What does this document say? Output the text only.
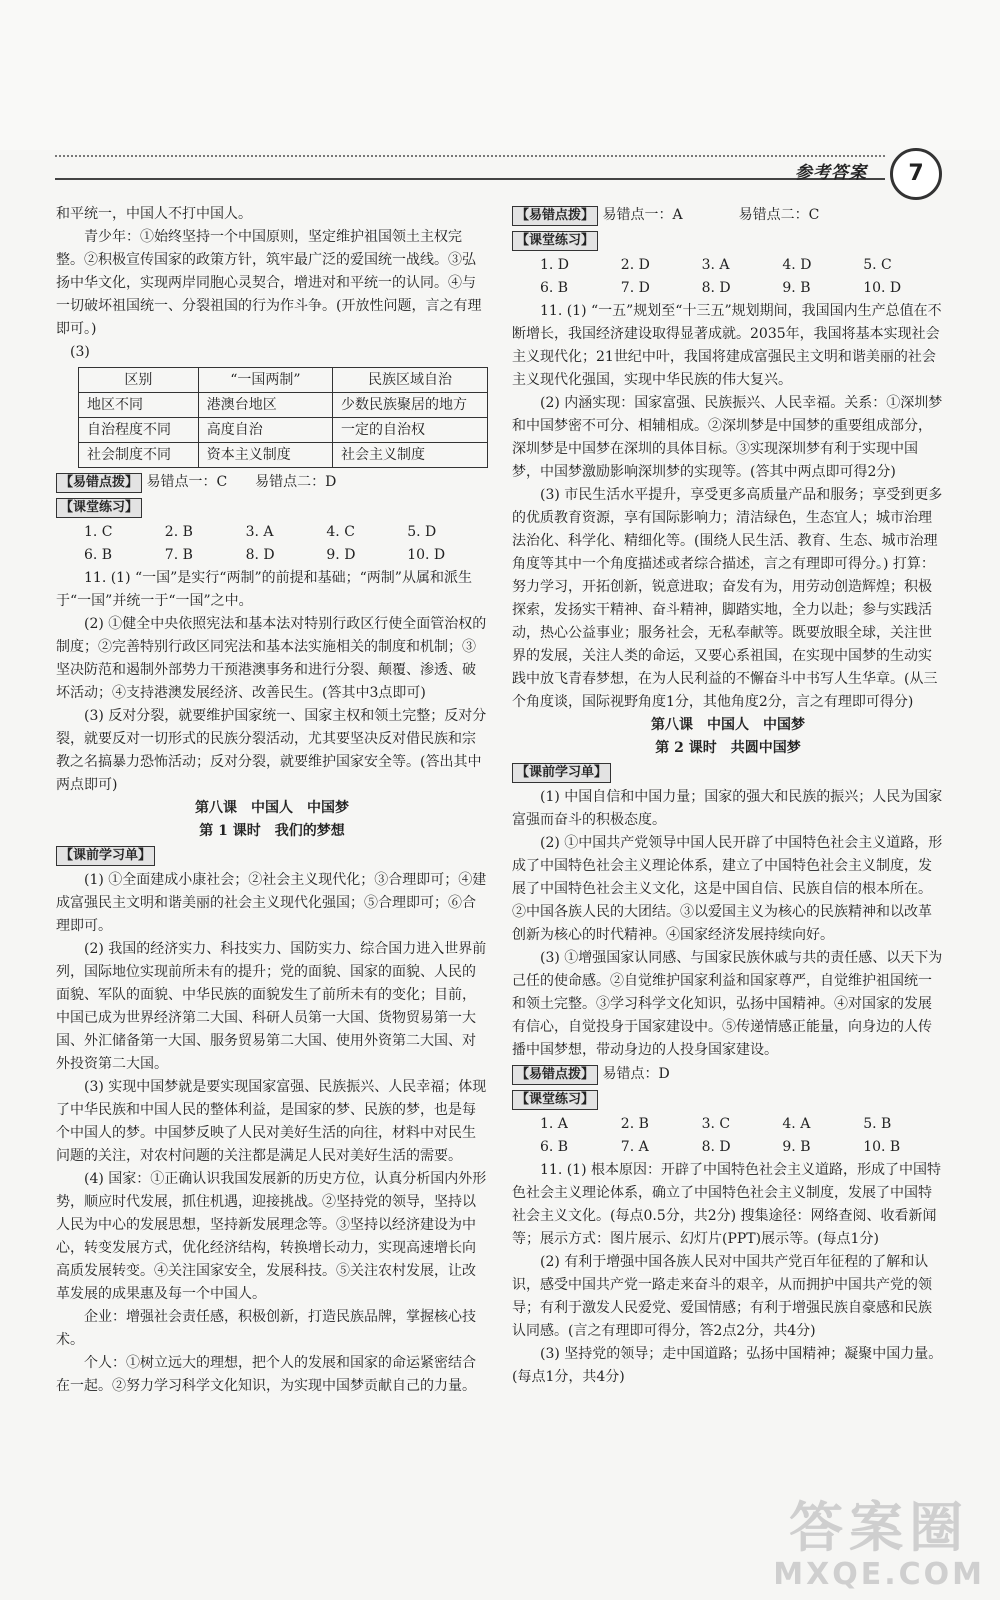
参考答案	7

和平统一，中国人不打中国人。

青少年：①始终坚持一个中国原则，坚定维护祖国领土主权完整。②积极宣传国家的政策方针，筑牢最广泛的爱国统一战线。③弘扬中华文化，实现两岸同胞心灵契合，增进对和平统一的认同。④与一切破坏祖国统一、分裂祖国的行为作斗争。(开放性问题，言之有理即可。)

(3)

区别	“一国两制”	民族区域自治
地区不同	港澳台地区	少数民族聚居的地方
自治程度不同	高度自治	一定的自治权
社会制度不同	资本主义制度	社会主义制度

【易错点拨】 易错点一：C　　易错点二：D

【课堂练习】

1. C	2. B	3. A	4. C	5. D
6. B	7. B	8. D	9. D	10. D

11. (1) “一国”是实行“两制”的前提和基础；“两制”从属和派生于“一国”并统一于“一国”之中。

(2) ①健全中央依照宪法和基本法对特别行政区行使全面管治权的制度；②完善特别行政区同宪法和基本法实施相关的制度和机制；③坚决防范和遏制外部势力干预港澳事务和进行分裂、颠覆、渗透、破坏活动；④支持港澳发展经济、改善民生。(答其中3点即可)

(3) 反对分裂，就要维护国家统一、国家主权和领土完整；反对分裂，就要反对一切形式的民族分裂活动，尤其要坚决反对借民族和宗教之名搞暴力恐怖活动；反对分裂，就要维护国家安全等。(答出其中两点即可)

第八课　中国人　中国梦

第 1 课时　我们的梦想

【课前学习单】

(1) ①全面建成小康社会；②社会主义现代化；③合理即可；④建成富强民主文明和谐美丽的社会主义现代化强国；⑤合理即可；⑥合理即可。

(2) 我国的经济实力、科技实力、国防实力、综合国力进入世界前列，国际地位实现前所未有的提升；党的面貌、国家的面貌、人民的面貌、军队的面貌、中华民族的面貌发生了前所未有的变化；目前，中国已成为世界经济第二大国、科研人员第一大国、货物贸易第一大国、外汇储备第一大国、服务贸易第二大国、使用外资第二大国、对外投资第二大国。

(3) 实现中国梦就是要实现国家富强、民族振兴、人民幸福；体现了中华民族和中国人民的整体利益，是国家的梦、民族的梦，也是每个中国人的梦。中国梦反映了人民对美好生活的向往，材料中对民生问题的关注，对农村问题的关注都是满足人民对美好生活的需要。

(4) 国家：①正确认识我国发展新的历史方位，认真分析国内外形势，顺应时代发展，抓住机遇，迎接挑战。②坚持党的领导，坚持以人民为中心的发展思想，坚持新发展理念等。③坚持以经济建设为中心，转变发展方式，优化经济结构，转换增长动力，实现高速增长向高质发展转变。④关注国家安全，发展科技。⑤关注农村发展，让改革发展的成果惠及每一个中国人。

企业：增强社会责任感，积极创新，打造民族品牌，掌握核心技术。

个人：①树立远大的理想，把个人的发展和国家的命运紧密结合在一起。②努力学习科学文化知识，为实现中国梦贡献自己的力量。

【易错点拨】 易错点一：A　　　　易错点二：C

【课堂练习】

1. D	2. D	3. A	4. D	5. C
6. B	7. D	8. D	9. B	10. D

11. (1) “一五”规划至“十三五”规划期间，我国国内生产总值在不断增长，我国经济建设取得显著成就。2035年，我国将基本实现社会主义现代化；21世纪中叶，我国将建成富强民主文明和谐美丽的社会主义现代化强国，实现中华民族的伟大复兴。

(2) 内涵实现：国家富强、民族振兴、人民幸福。关系：①深圳梦和中国梦密不可分、相辅相成。②深圳梦是中国梦的重要组成部分，深圳梦是中国梦在深圳的具体目标。③实现深圳梦有利于实现中国梦，中国梦激励影响深圳梦的实现等。(答其中两点即可得2分)

(3) 市民生活水平提升，享受更多高质量产品和服务；享受到更多的优质教育资源，享有国际影响力；清洁绿色，生态宜人；城市治理法治化、科学化、精细化等。(围绕人民生活、教育、生态、城市治理角度等其中一个角度描述或者综合描述，言之有理即可得分。) 打算：努力学习，开拓创新，锐意进取；奋发有为，用劳动创造辉煌；积极探索，发扬实干精神、奋斗精神，脚踏实地，全力以赴；参与实践活动，热心公益事业；服务社会，无私奉献等。既要放眼全球，关注世界的发展，关注人类的命运，又要心系祖国，在实现中国梦的生动实践中放飞青春梦想，在为人民利益的不懈奋斗中书写人生华章。(从三个角度谈，国际视野角度1分，其他角度2分，言之有理即可得分)

第八课　中国人　中国梦

第 2 课时　共圆中国梦

【课前学习单】

(1) 中国自信和中国力量；国家的强大和民族的振兴；人民为国家富强而奋斗的积极态度。

(2) ①中国共产党领导中国人民开辟了中国特色社会主义道路，形成了中国特色社会主义理论体系，建立了中国特色社会主义制度，发展了中国特色社会主义文化，这是中国自信、民族自信的根本所在。②中国各族人民的大团结。③以爱国主义为核心的民族精神和以改革创新为核心的时代精神。④国家经济发展持续向好。

(3) ①增强国家认同感、与国家民族休戚与共的责任感、以天下为己任的使命感。②自觉维护国家利益和国家尊严，自觉维护祖国统一和领土完整。③学习科学文化知识，弘扬中国精神。④对国家的发展有信心，自觉投身于国家建设中。⑤传递情感正能量，向身边的人传播中国梦想，带动身边的人投身国家建设。

【易错点拨】 易错点：D

【课堂练习】

1. A	2. B	3. C	4. A	5. B
6. B	7. A	8. D	9. B	10. B

11. (1) 根本原因：开辟了中国特色社会主义道路，形成了中国特色社会主义理论体系，确立了中国特色社会主义制度，发展了中国特社会主义文化。(每点0.5分，共2分) 搜集途径：网络查阅、收看新闻等；展示方式：图片展示、幻灯片(PPT)展示等。(每点1分)

(2) 有利于增强中国各族人民对中国共产党百年征程的了解和认识，感受中国共产党一路走来奋斗的艰辛，从而拥护中国共产党的领导；有利于激发人民爱党、爱国情感；有利于增强民族自豪感和民族认同感。(言之有理即可得分，答2点2分，共4分)

(3) 坚持党的领导；走中国道路；弘扬中国精神；凝聚中国力量。(每点1分，共4分)

答案圈
MXQE.COM
